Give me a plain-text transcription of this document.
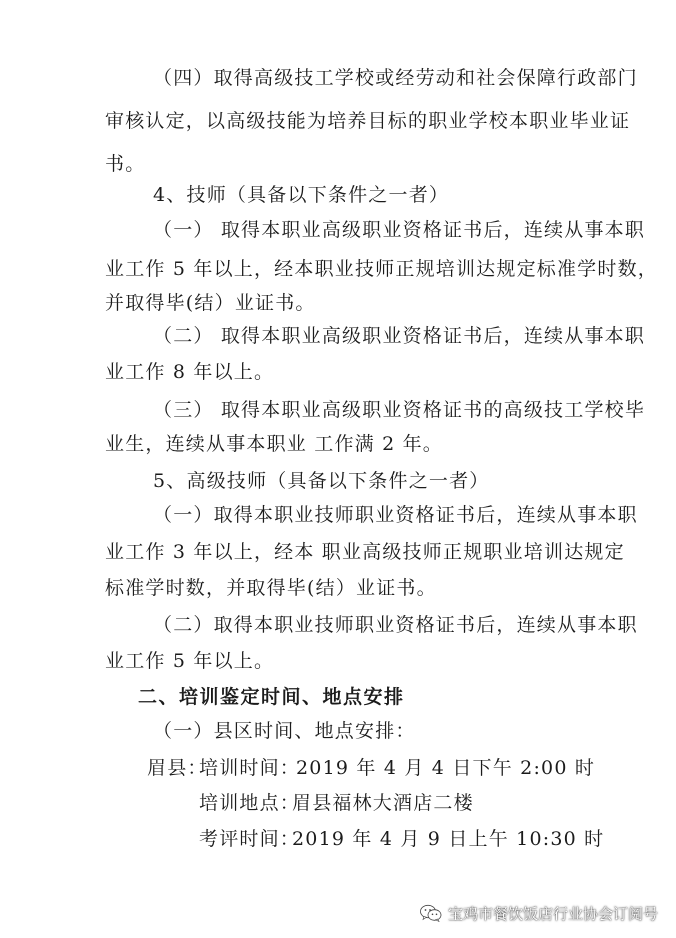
（四）取得高级技工学校或经劳动和社会保障行政部门
审核认定，以高级技能为培养目标的职业学校本职业毕业证
书。
4、技师（具备以下条件之一者）
（一） 取得本职业高级职业资格证书后，连续从事本职
业工作 5 年以上，经本职业技师正规培训达规定标准学时数，
并取得毕(结）业证书。
（二） 取得本职业高级职业资格证书后，连续从事本职
业工作 8 年以上。
（三） 取得本职业高级职业资格证书的高级技工学校毕
业生，连续从事本职业 工作满 2 年。
5、高级技师（具备以下条件之一者）
（一）取得本职业技师职业资格证书后，连续从事本职
业工作 3 年以上，经本 职业高级技师正规职业培训达规定
标准学时数，并取得毕(结）业证书。
（二）取得本职业技师职业资格证书后，连续从事本职
业工作 5 年以上。
二、培训鉴定时间、地点安排
（一）县区时间、地点安排：
眉县：
培训时间：
2019 年 4 月 4 日下午 2:00 时
培训地点：
眉县福林大酒店二楼
考评时间：
2019 年 4 月 9 日上午 10:30 时
宝鸡市餐饮饭店行业协会订阅号
